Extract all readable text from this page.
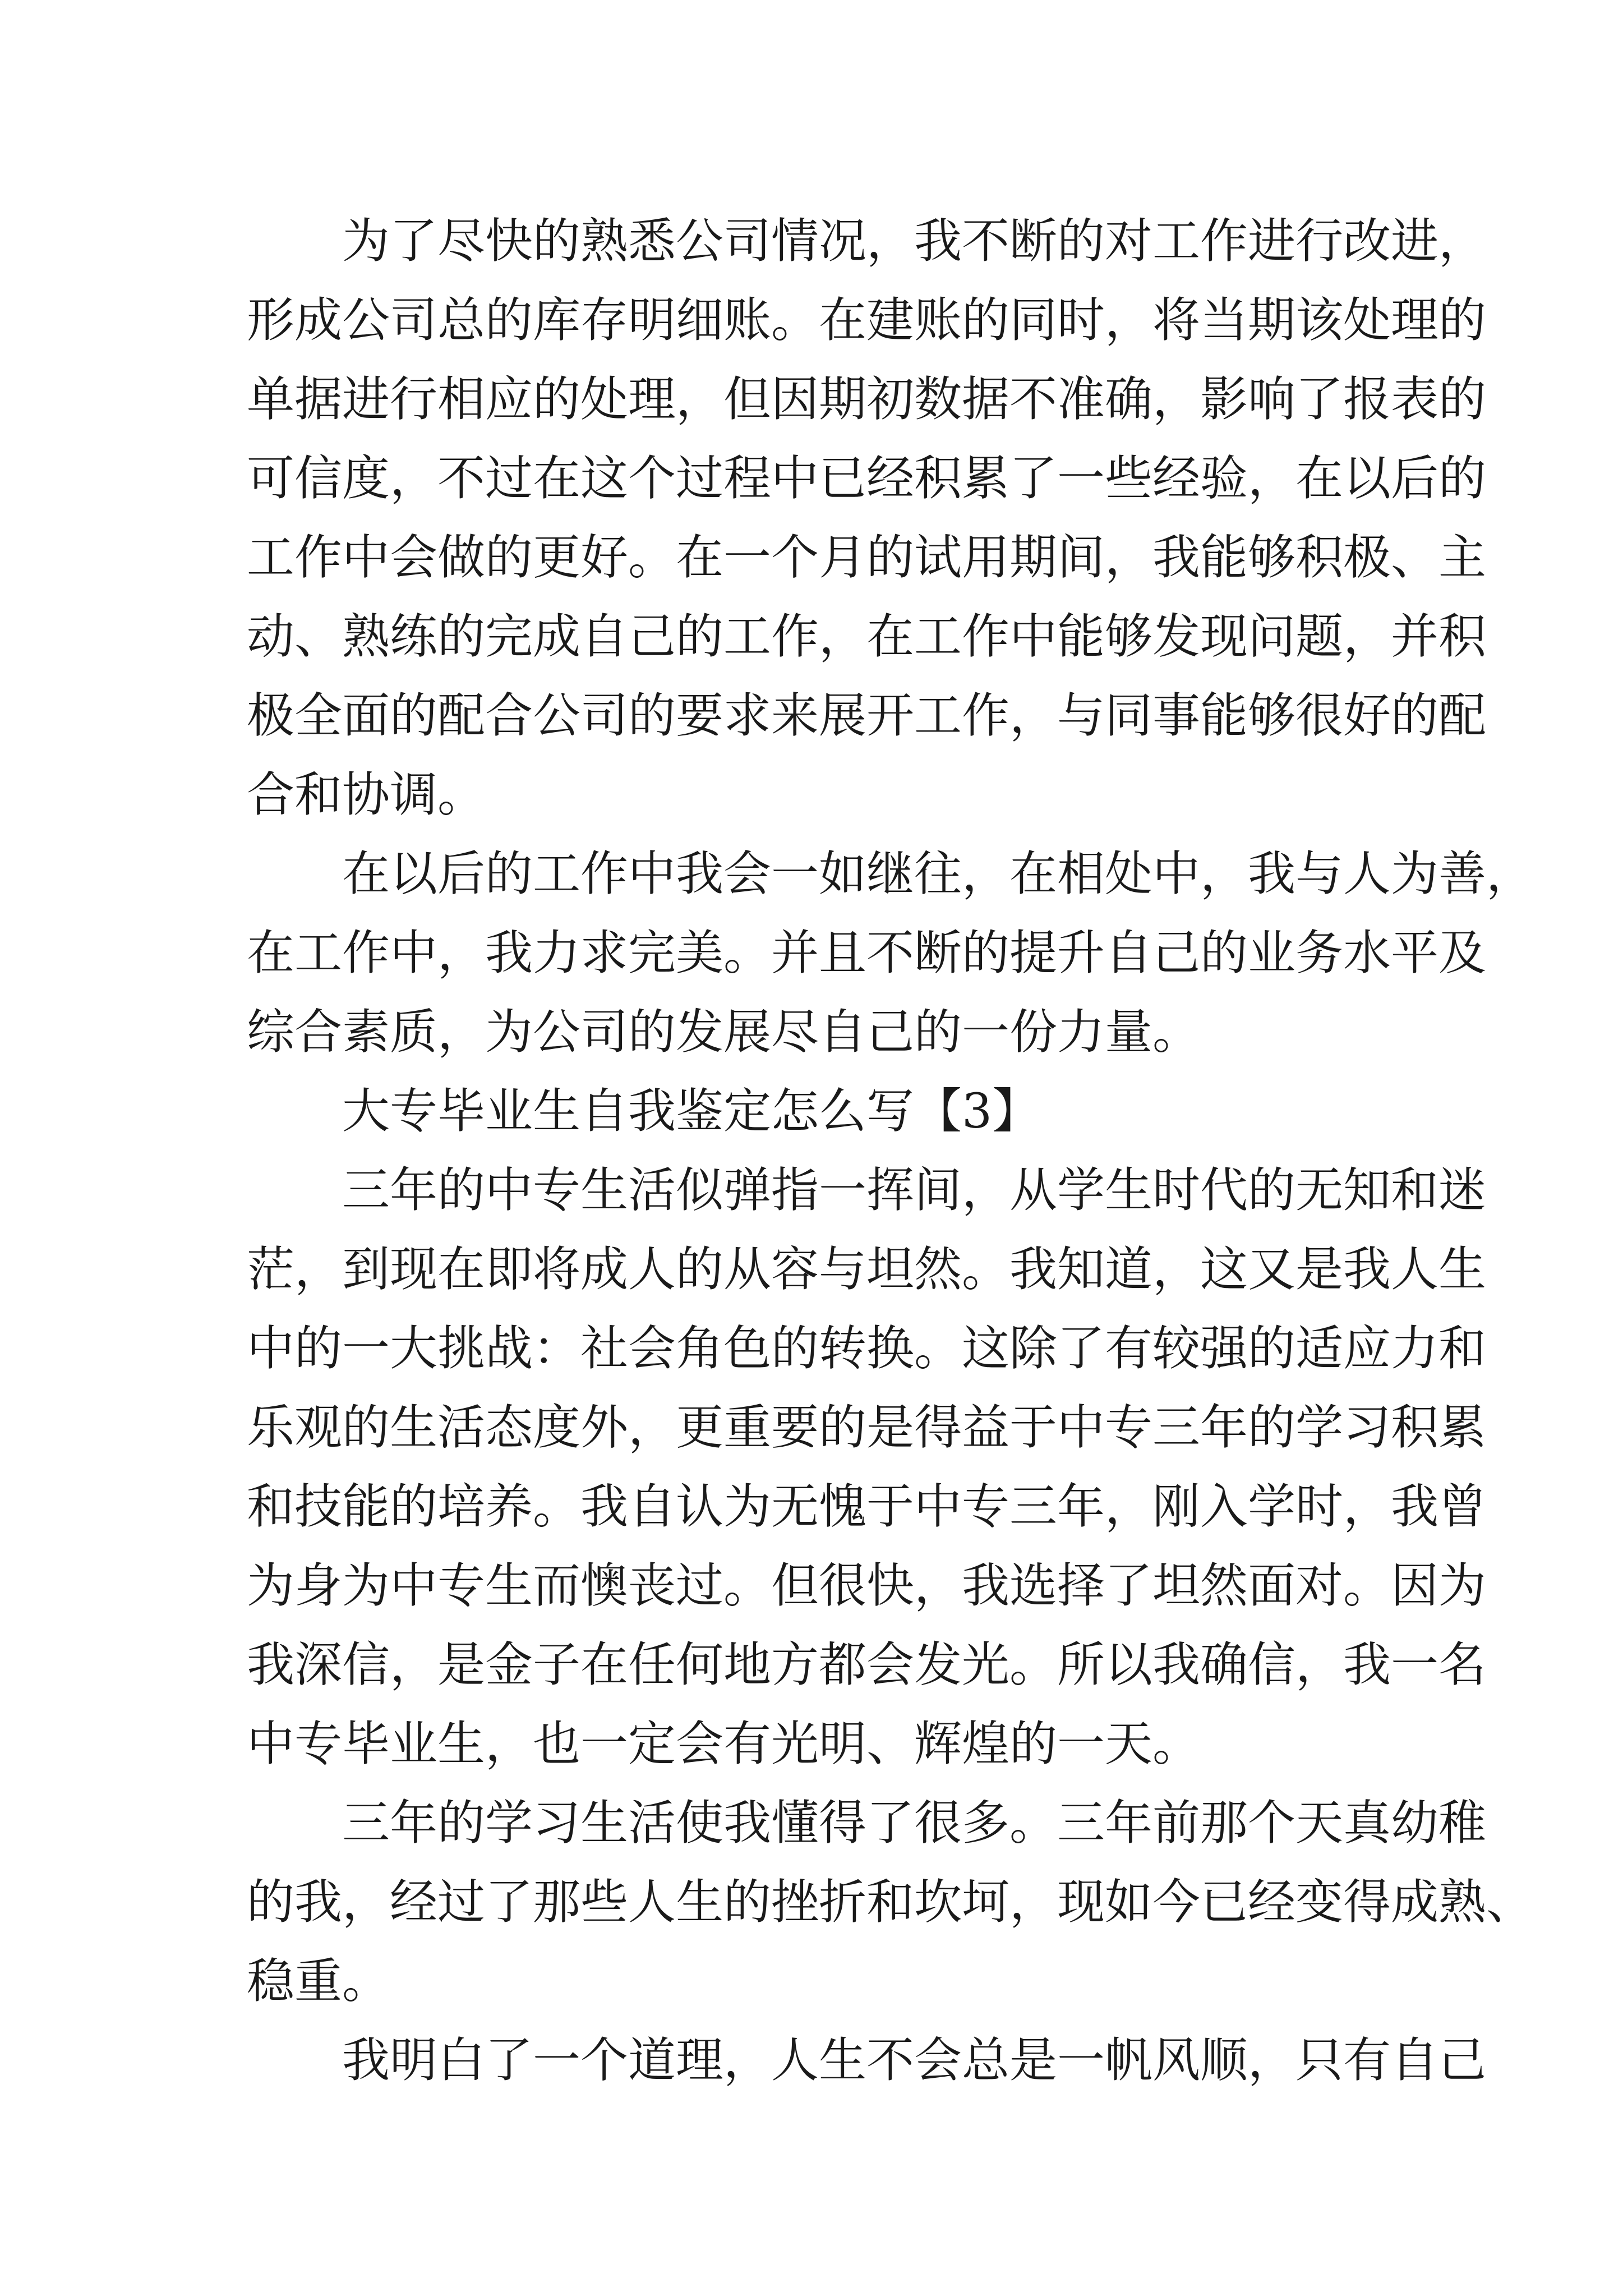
为了尽快的熟悉公司情况，我不断的对工作进行改进，
形成公司总的库存明细账。在建账的同时，将当期该处理的
单据进行相应的处理，但因期初数据不准确，影响了报表的
可信度，不过在这个过程中已经积累了一些经验，在以后的
工作中会做的更好。在一个月的试用期间，我能够积极、主
动、熟练的完成自己的工作，在工作中能够发现问题，并积
极全面的配合公司的要求来展开工作，与同事能够很好的配
合和协调。
在以后的工作中我会一如继往，在相处中，我与人为善，
在工作中，我力求完美。并且不断的提升自己的业务水平及
综合素质，为公司的发展尽自己的一份力量。
大专毕业生自我鉴定怎么写【3】
三年的中专生活似弹指一挥间，从学生时代的无知和迷
茫，到现在即将成人的从容与坦然。我知道，这又是我人生
中的一大挑战：社会角色的转换。这除了有较强的适应力和
乐观的生活态度外，更重要的是得益于中专三年的学习积累
和技能的培养。我自认为无愧于中专三年，刚入学时，我曾
为身为中专生而懊丧过。但很快，我选择了坦然面对。因为
我深信，是金子在任何地方都会发光。所以我确信，我一名
中专毕业生，也一定会有光明、辉煌的一天。
三年的学习生活使我懂得了很多。三年前那个天真幼稚
的我，经过了那些人生的挫折和坎坷，现如今已经变得成熟、
稳重。
我明白了一个道理，人生不会总是一帆风顺，只有自己
